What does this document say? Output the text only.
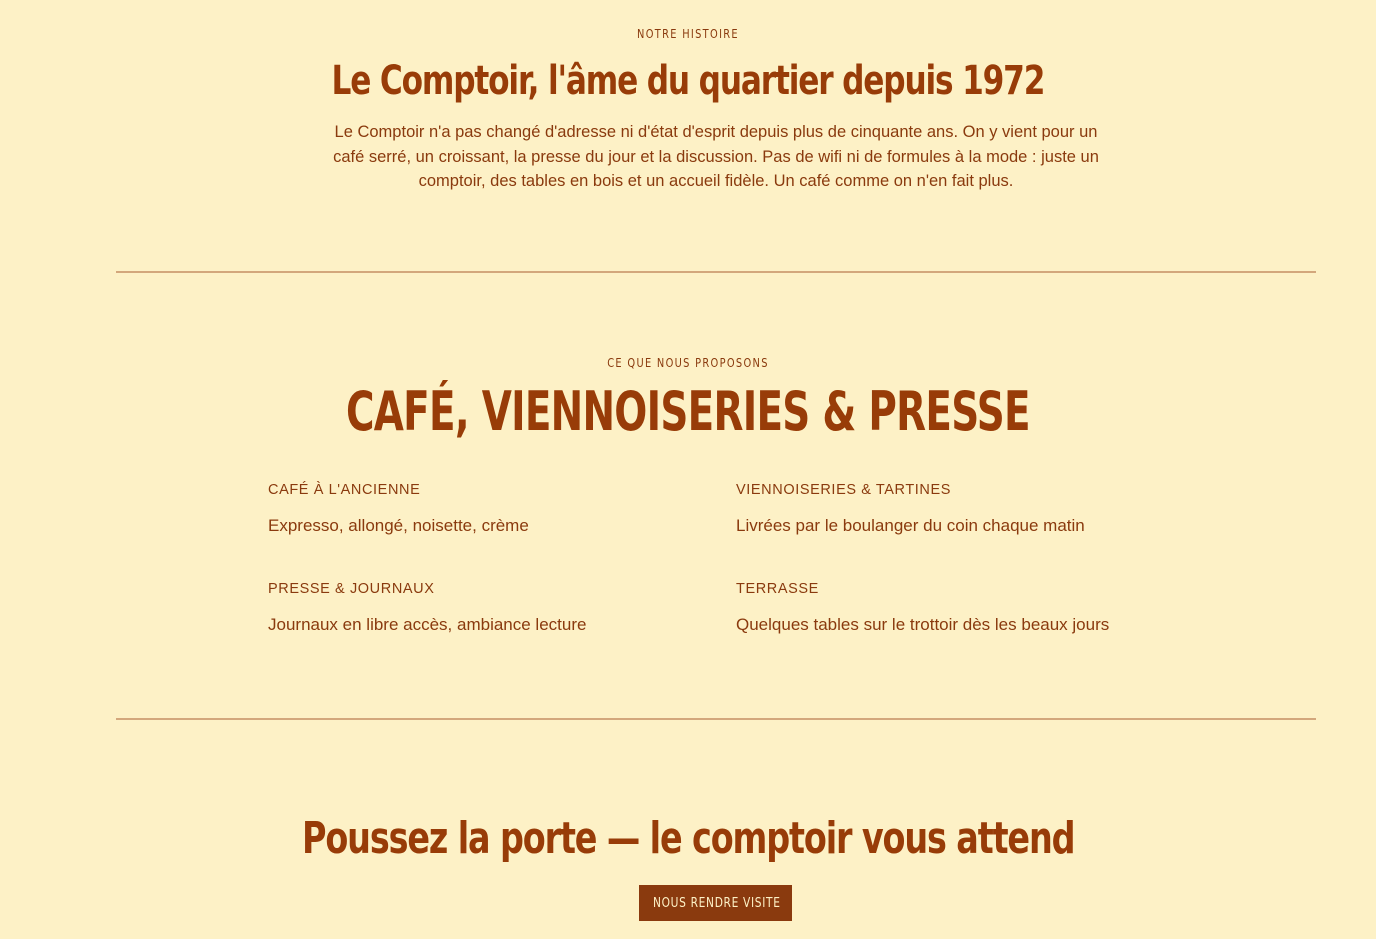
NOTRE HISTOIRE
Le Comptoir, l'âme du quartier depuis 1972

Le Comptoir n'a pas changé d'adresse ni d'état d'esprit depuis plus de cinquante ans. On y vient pour un café serré, un croissant, la presse du jour et la discussion. Pas de wifi ni de formules à la mode : juste un comptoir, des tables en bois et un accueil fidèle. Un café comme on n'en fait plus.

CE QUE NOUS PROPOSONS
CAFÉ, VIENNOISERIES & PRESSE

CAFÉ À L'ANCIENNE

Expresso, allongé, noisette, crème

VIENNOISERIES & TARTINES

Livrées par le boulanger du coin chaque matin

PRESSE & JOURNAUX

Journaux en libre accès, ambiance lecture

TERRASSE

Quelques tables sur le trottoir dès les beaux jours

Poussez la porte — le comptoir vous attend
NOUS RENDRE VISITE
